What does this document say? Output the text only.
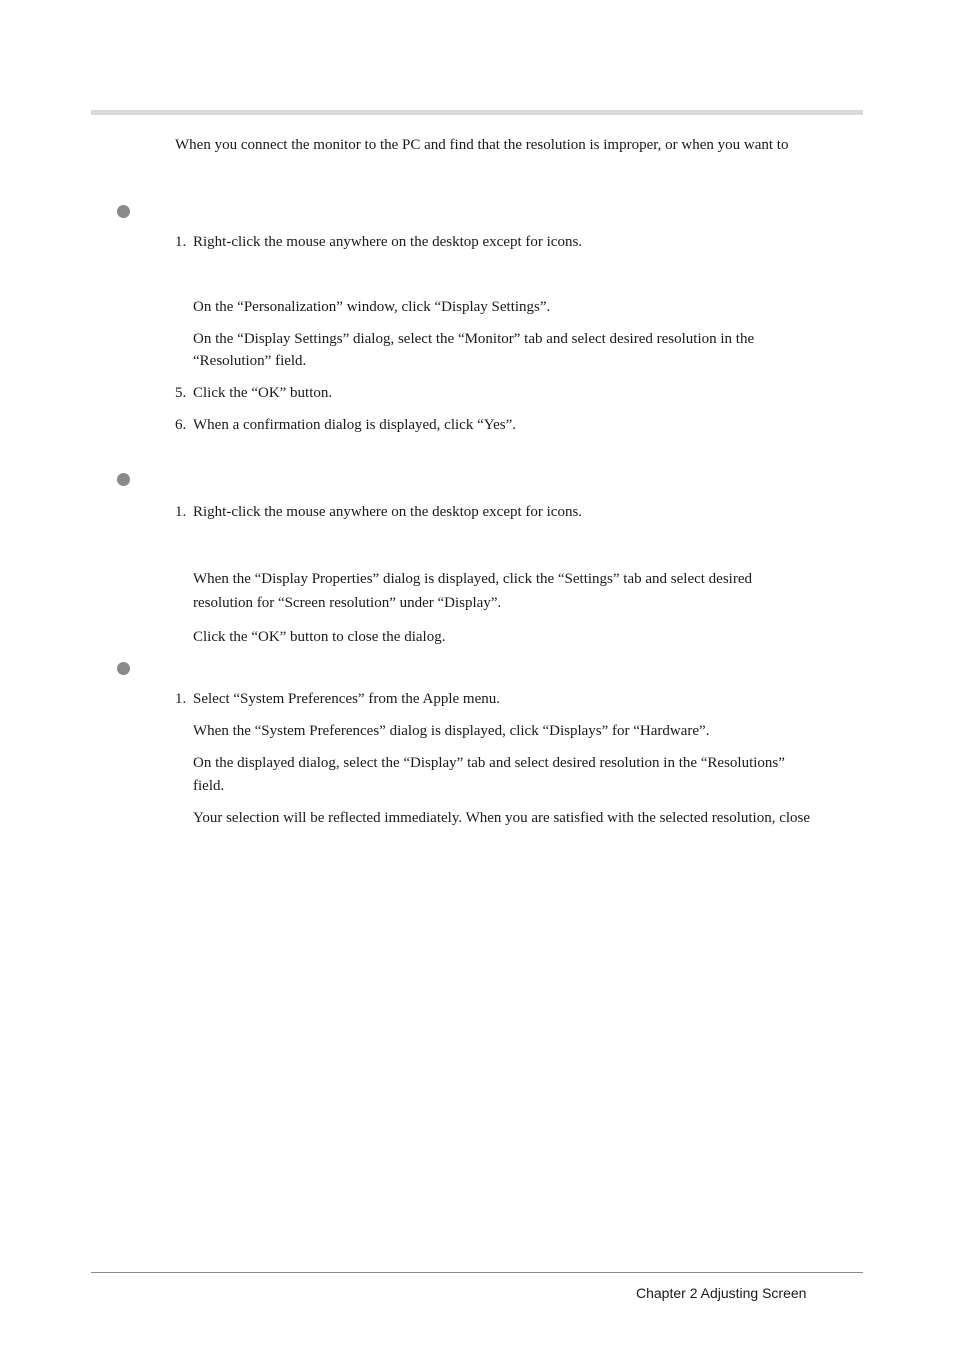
When you connect the monitor to the PC and find that the resolution is improper, or when you want to
1. Right-click the mouse anywhere on the desktop except for icons.
On the “Personalization” window, click “Display Settings”.
On the “Display Settings” dialog, select the “Monitor” tab and select desired resolution in the
“Resolution” field.
5. Click the “OK” button.
6. When a confirmation dialog is displayed, click “Yes”.
1. Right-click the mouse anywhere on the desktop except for icons.
When the “Display Properties” dialog is displayed, click the “Settings” tab and select desired
resolution for “Screen resolution” under “Display”.
Click the “OK” button to close the dialog.
1. Select “System Preferences” from the Apple menu.
When the “System Preferences” dialog is displayed, click “Displays” for “Hardware”.
On the displayed dialog, select the “Display” tab and select desired resolution in the “Resolutions”
field.
Your selection will be reflected immediately. When you are satisfied with the selected resolution, close
Chapter 2 Adjusting Screen
